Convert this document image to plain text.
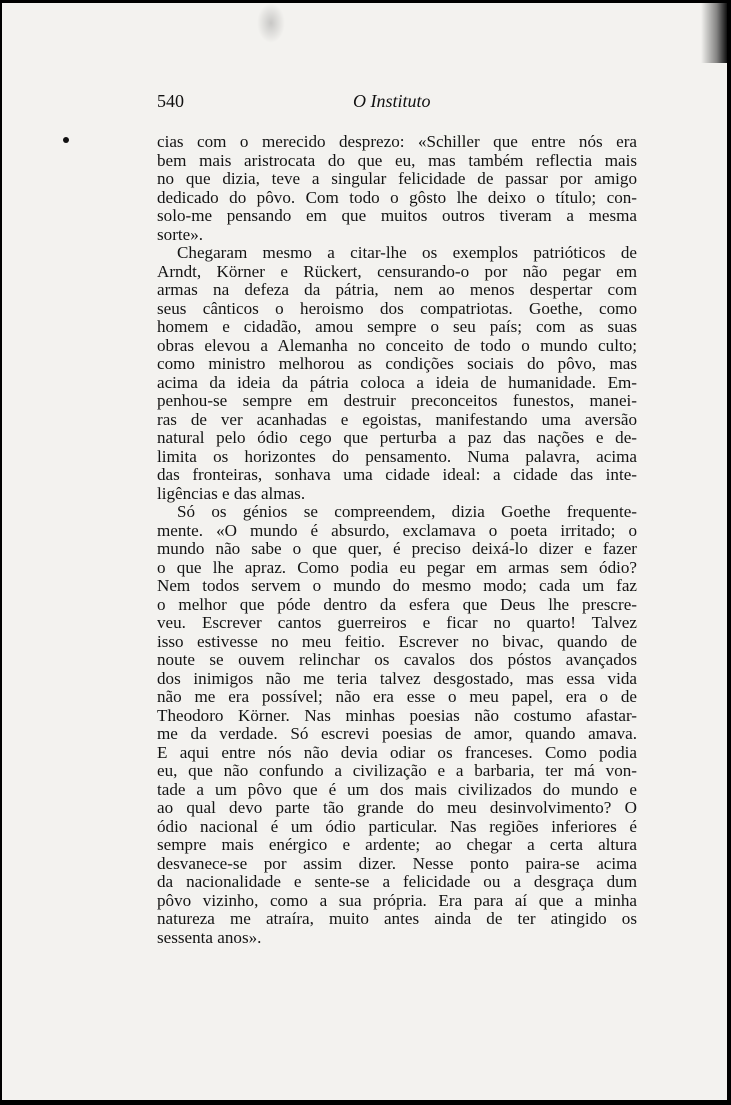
540	O Instituto
cias com o merecido desprezo: «Schiller que entre nós era
bem mais aristrocata do que eu, mas também reflectia mais
no que dizia, teve a singular felicidade de passar por amigo
dedicado do pôvo. Com todo o gôsto lhe deixo o título; con-
solo-me pensando em que muitos outros tiveram a mesma
sorte».
Chegaram mesmo a citar-lhe os exemplos patrióticos de
Arndt, Körner e Rückert, censurando-o por não pegar em
armas na defeza da pátria, nem ao menos despertar com
seus cânticos o heroismo dos compatriotas. Goethe, como
homem e cidadão, amou sempre o seu país; com as suas
obras elevou a Alemanha no conceito de todo o mundo culto;
como ministro melhorou as condições sociais do pôvo, mas
acima da ideia da pátria coloca a ideia de humanidade. Em-
penhou-se sempre em destruir preconceitos funestos, manei-
ras de ver acanhadas e egoistas, manifestando uma aversão
natural pelo ódio cego que perturba a paz das nações e de-
limita os horizontes do pensamento. Numa palavra, acima
das fronteiras, sonhava uma cidade ideal: a cidade das inte-
ligências e das almas.
Só os génios se compreendem, dizia Goethe frequente-
mente. «O mundo é absurdo, exclamava o poeta irritado; o
mundo não sabe o que quer, é preciso deixá-lo dizer e fazer
o que lhe apraz. Como podia eu pegar em armas sem ódio?
Nem todos servem o mundo do mesmo modo; cada um faz
o melhor que póde dentro da esfera que Deus lhe prescre-
veu. Escrever cantos guerreiros e ficar no quarto! Talvez
isso estivesse no meu feitio. Escrever no bivac, quando de
noute se ouvem relinchar os cavalos dos póstos avançados
dos inimigos não me teria talvez desgostado, mas essa vida
não me era possível; não era esse o meu papel, era o de
Theodoro Körner. Nas minhas poesias não costumo afastar-
me da verdade. Só escrevi poesias de amor, quando amava.
E aqui entre nós não devia odiar os franceses. Como podia
eu, que não confundo a civilização e a barbaria, ter má von-
tade a um pôvo que é um dos mais civilizados do mundo e
ao qual devo parte tão grande do meu desinvolvimento? O
ódio nacional é um ódio particular. Nas regiões inferiores é
sempre mais enérgico e ardente; ao chegar a certa altura
desvanece-se por assim dizer. Nesse ponto paira-se acima
da nacionalidade e sente-se a felicidade ou a desgraça dum
pôvo vizinho, como a sua própria. Era para aí que a minha
natureza me atraíra, muito antes ainda de ter atingido os
sessenta anos».
